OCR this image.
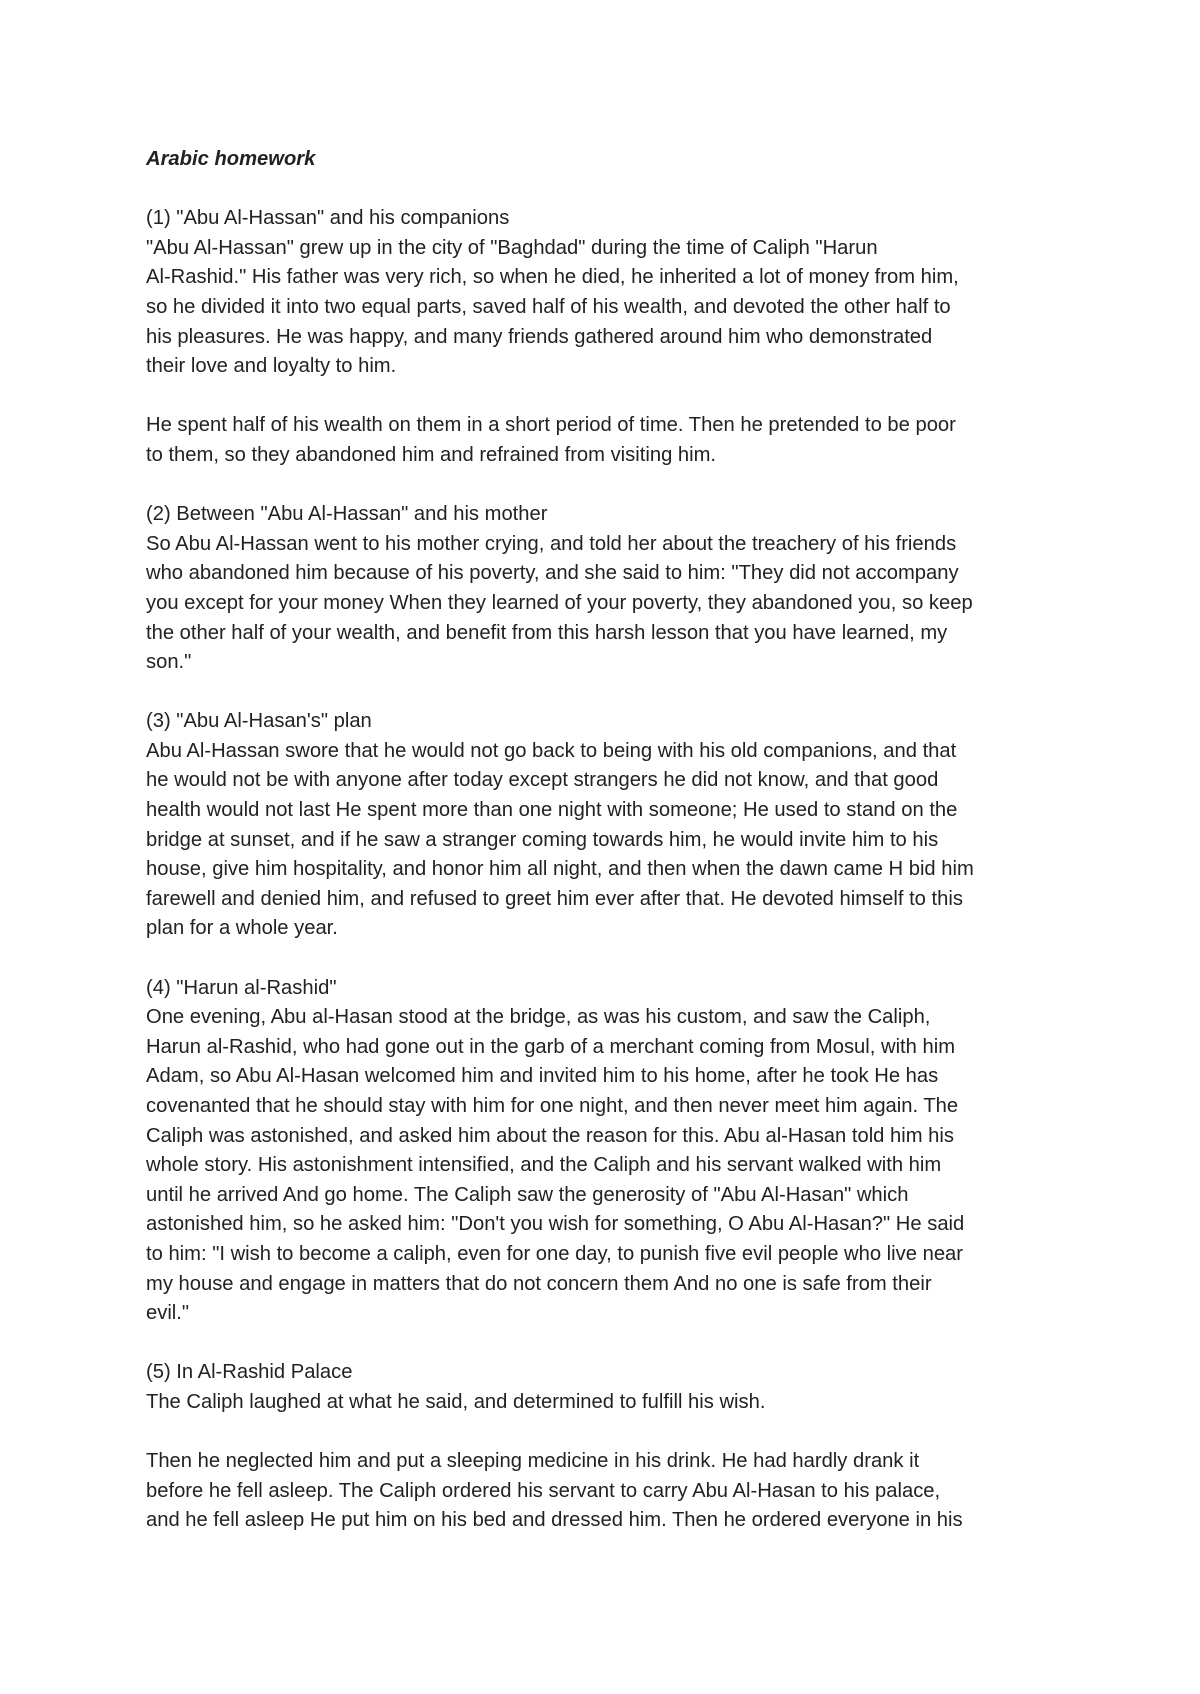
Arabic homework
(1) "Abu Al-Hassan" and his companions
"Abu Al-Hassan" grew up in the city of "Baghdad" during the time of Caliph "Harun
Al-Rashid." His father was very rich, so when he died, he inherited a lot of money from him,
so he divided it into two equal parts, saved half of his wealth, and devoted the other half to
his pleasures. He was happy, and many friends gathered around him who demonstrated
their love and loyalty to him.
He spent half of his wealth on them in a short period of time. Then he pretended to be poor
to them, so they abandoned him and refrained from visiting him.
(2) Between "Abu Al-Hassan" and his mother
So Abu Al-Hassan went to his mother crying, and told her about the treachery of his friends
who abandoned him because of his poverty, and she said to him: "They did not accompany
you except for your money When they learned of your poverty, they abandoned you, so keep
the other half of your wealth, and benefit from this harsh lesson that you have learned, my
son."
(3) "Abu Al-Hasan's" plan
Abu Al-Hassan swore that he would not go back to being with his old companions, and that
he would not be with anyone after today except strangers he did not know, and that good
health would not last He spent more than one night with someone; He used to stand on the
bridge at sunset, and if he saw a stranger coming towards him, he would invite him to his
house, give him hospitality, and honor him all night, and then when the dawn came H bid him
farewell and denied him, and refused to greet him ever after that. He devoted himself to this
plan for a whole year.
(4) "Harun al-Rashid"
One evening, Abu al-Hasan stood at the bridge, as was his custom, and saw the Caliph,
Harun al-Rashid, who had gone out in the garb of a merchant coming from Mosul, with him
Adam, so Abu Al-Hasan welcomed him and invited him to his home, after he took He has
covenanted that he should stay with him for one night, and then never meet him again. The
Caliph was astonished, and asked him about the reason for this. Abu al-Hasan told him his
whole story. His astonishment intensified, and the Caliph and his servant walked with him
until he arrived And go home. The Caliph saw the generosity of "Abu Al-Hasan" which
astonished him, so he asked him: "Don't you wish for something, O Abu Al-Hasan?" He said
to him: "I wish to become a caliph, even for one day, to punish five evil people who live near
my house and engage in matters that do not concern them And no one is safe from their
evil."
(5) In Al-Rashid Palace
The Caliph laughed at what he said, and determined to fulfill his wish.
Then he neglected him and put a sleeping medicine in his drink. He had hardly drank it
before he fell asleep. The Caliph ordered his servant to carry Abu Al-Hasan to his palace,
and he fell asleep He put him on his bed and dressed him. Then he ordered everyone in his
